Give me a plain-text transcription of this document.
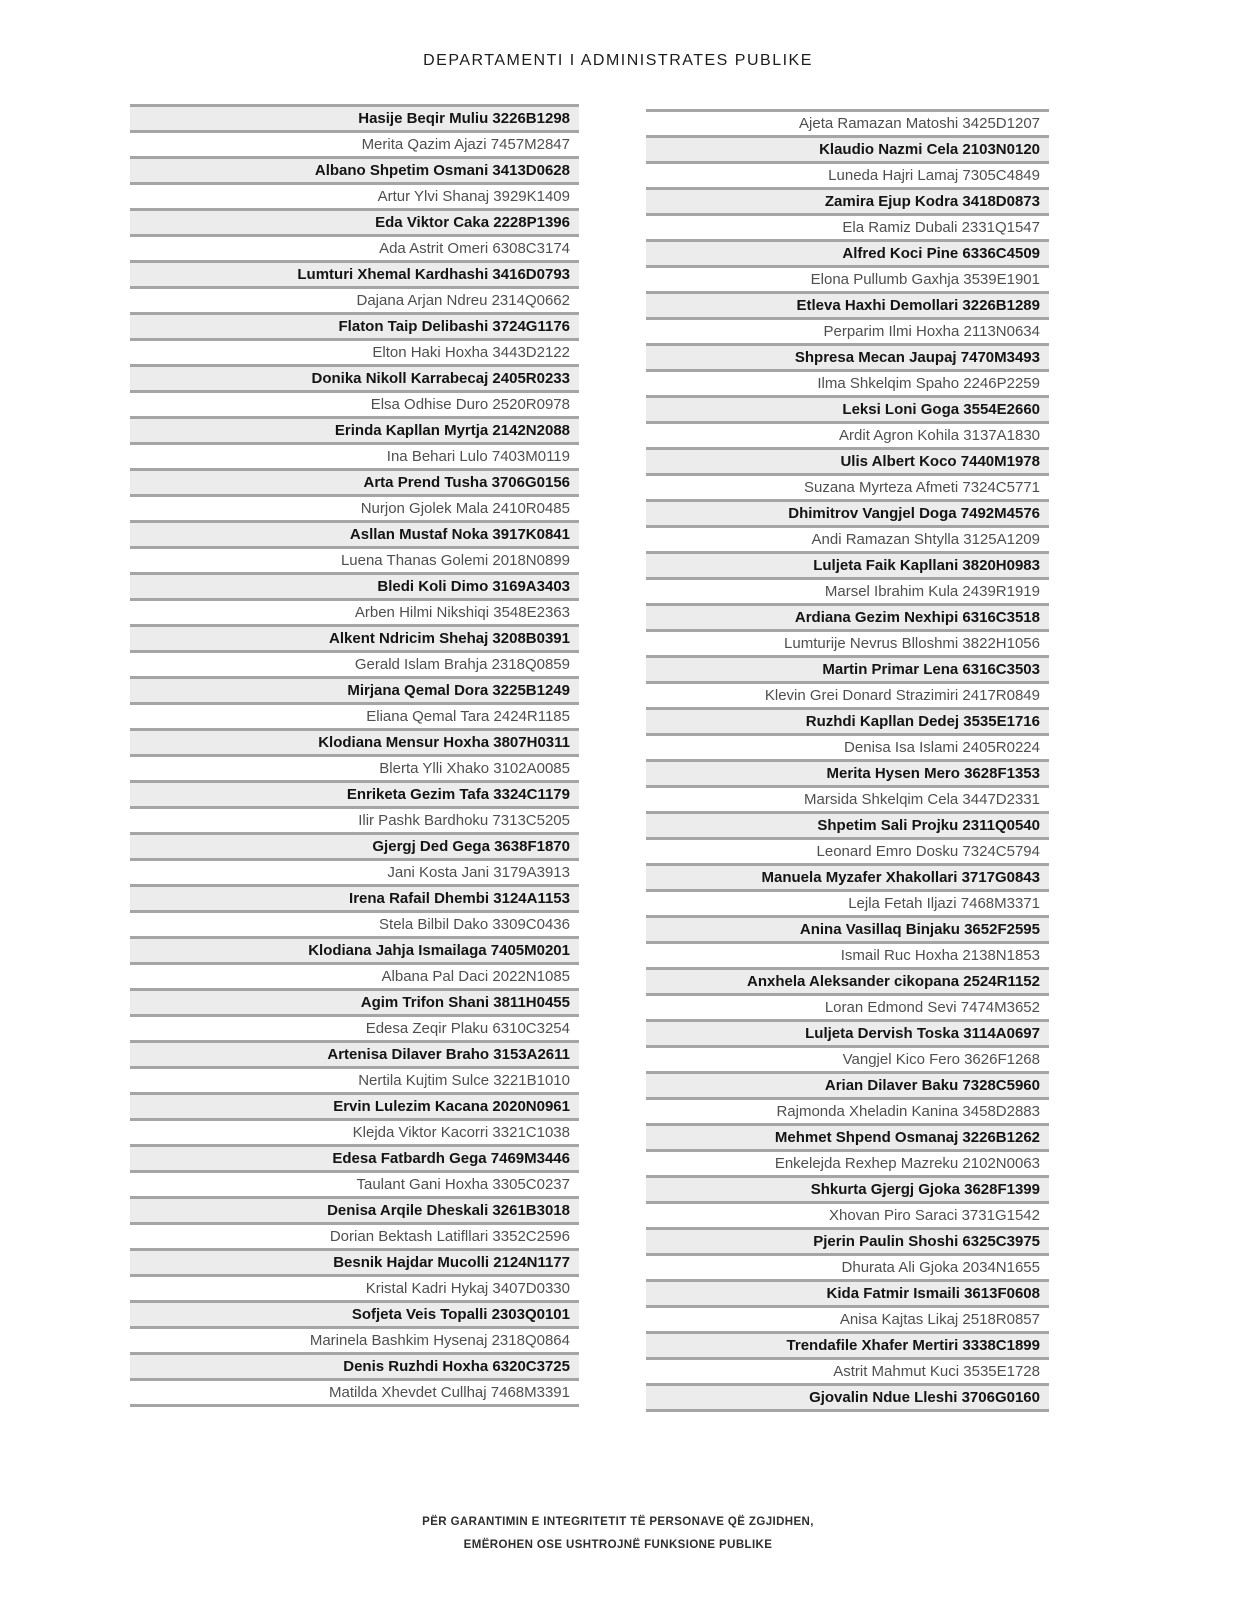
DEPARTAMENTI I ADMINISTRATES PUBLIKE
Hasije Beqir Muliu 3226B1298
Merita Qazim Ajazi 7457M2847
Albano Shpetim Osmani 3413D0628
Artur Ylvi Shanaj 3929K1409
Eda Viktor Caka 2228P1396
Ada Astrit Omeri 6308C3174
Lumturi Xhemal Kardhashi 3416D0793
Dajana Arjan Ndreu 2314Q0662
Flaton Taip Delibashi 3724G1176
Elton Haki Hoxha 3443D2122
Donika Nikoll Karrabecaj 2405R0233
Elsa Odhise Duro 2520R0978
Erinda Kapllan Myrtja 2142N2088
Ina Behari Lulo 7403M0119
Arta Prend Tusha 3706G0156
Nurjon Gjolek Mala 2410R0485
Asllan Mustaf Noka 3917K0841
Luena Thanas Golemi 2018N0899
Bledi Koli Dimo 3169A3403
Arben Hilmi Nikshiqi 3548E2363
Alkent Ndricim Shehaj 3208B0391
Gerald Islam Brahja 2318Q0859
Mirjana Qemal Dora 3225B1249
Eliana Qemal Tara 2424R1185
Klodiana Mensur Hoxha 3807H0311
Blerta Ylli Xhako 3102A0085
Enriketa Gezim Tafa 3324C1179
Ilir Pashk Bardhoku 7313C5205
Gjergj Ded Gega 3638F1870
Jani Kosta Jani 3179A3913
Irena Rafail Dhembi 3124A1153
Stela Bilbil Dako 3309C0436
Klodiana Jahja Ismailaga 7405M0201
Albana Pal Daci 2022N1085
Agim Trifon Shani 3811H0455
Edesa Zeqir Plaku 6310C3254
Artenisa Dilaver Braho 3153A2611
Nertila Kujtim Sulce 3221B1010
Ervin Lulezim Kacana 2020N0961
Klejda Viktor Kacorri 3321C1038
Edesa Fatbardh Gega 7469M3446
Taulant Gani Hoxha 3305C0237
Denisa Arqile Dheskali 3261B3018
Dorian Bektash Latifllari 3352C2596
Besnik Hajdar Mucolli 2124N1177
Kristal Kadri Hykaj 3407D0330
Sofjeta Veis Topalli 2303Q0101
Marinela Bashkim Hysenaj 2318Q0864
Denis Ruzhdi Hoxha 6320C3725
Matilda Xhevdet Cullhaj 7468M3391
Ajeta Ramazan Matoshi 3425D1207
Klaudio Nazmi Cela 2103N0120
Luneda Hajri Lamaj 7305C4849
Zamira Ejup Kodra 3418D0873
Ela Ramiz Dubali 2331Q1547
Alfred Koci Pine 6336C4509
Elona Pullumb Gaxhja 3539E1901
Etleva Haxhi Demollari 3226B1289
Perparim Ilmi Hoxha 2113N0634
Shpresa Mecan Jaupaj 7470M3493
Ilma Shkelqim Spaho 2246P2259
Leksi Loni Goga 3554E2660
Ardit Agron Kohila 3137A1830
Ulis Albert Koco 7440M1978
Suzana Myrteza Afmeti 7324C5771
Dhimitrov Vangjel Doga 7492M4576
Andi Ramazan Shtylla 3125A1209
Luljeta Faik Kapllani 3820H0983
Marsel Ibrahim Kula 2439R1919
Ardiana Gezim Nexhipi 6316C3518
Lumturije Nevrus Blloshmi 3822H1056
Martin Primar Lena 6316C3503
Klevin Grei Donard Strazimiri 2417R0849
Ruzhdi Kapllan Dedej 3535E1716
Denisa Isa Islami 2405R0224
Merita Hysen Mero 3628F1353
Marsida Shkelqim Cela 3447D2331
Shpetim Sali Projku 2311Q0540
Leonard Emro Dosku 7324C5794
Manuela Myzafer Xhakollari 3717G0843
Lejla Fetah Iljazi 7468M3371
Anina Vasillaq Binjaku 3652F2595
Ismail Ruc Hoxha 2138N1853
Anxhela Aleksander cikopana 2524R1152
Loran Edmond Sevi 7474M3652
Luljeta Dervish Toska 3114A0697
Vangjel Kico Fero 3626F1268
Arian Dilaver Baku 7328C5960
Rajmonda Xheladin Kanina 3458D2883
Mehmet Shpend Osmanaj 3226B1262
Enkelejda Rexhep Mazreku 2102N0063
Shkurta Gjergj Gjoka 3628F1399
Xhovan Piro Saraci 3731G1542
Pjerin Paulin Shoshi 6325C3975
Dhurata Ali Gjoka 2034N1655
Kida Fatmir Ismaili 3613F0608
Anisa Kajtas Likaj 2518R0857
Trendafile Xhafer Mertiri 3338C1899
Astrit Mahmut Kuci 3535E1728
Gjovalin Ndue Lleshi 3706G0160
PËR GARANTIMIN E INTEGRITETIT TË PERSONAVE QË ZGJIDHEN,
EMËROHEN OSE USHTROJNË FUNKSIONE PUBLIKE
